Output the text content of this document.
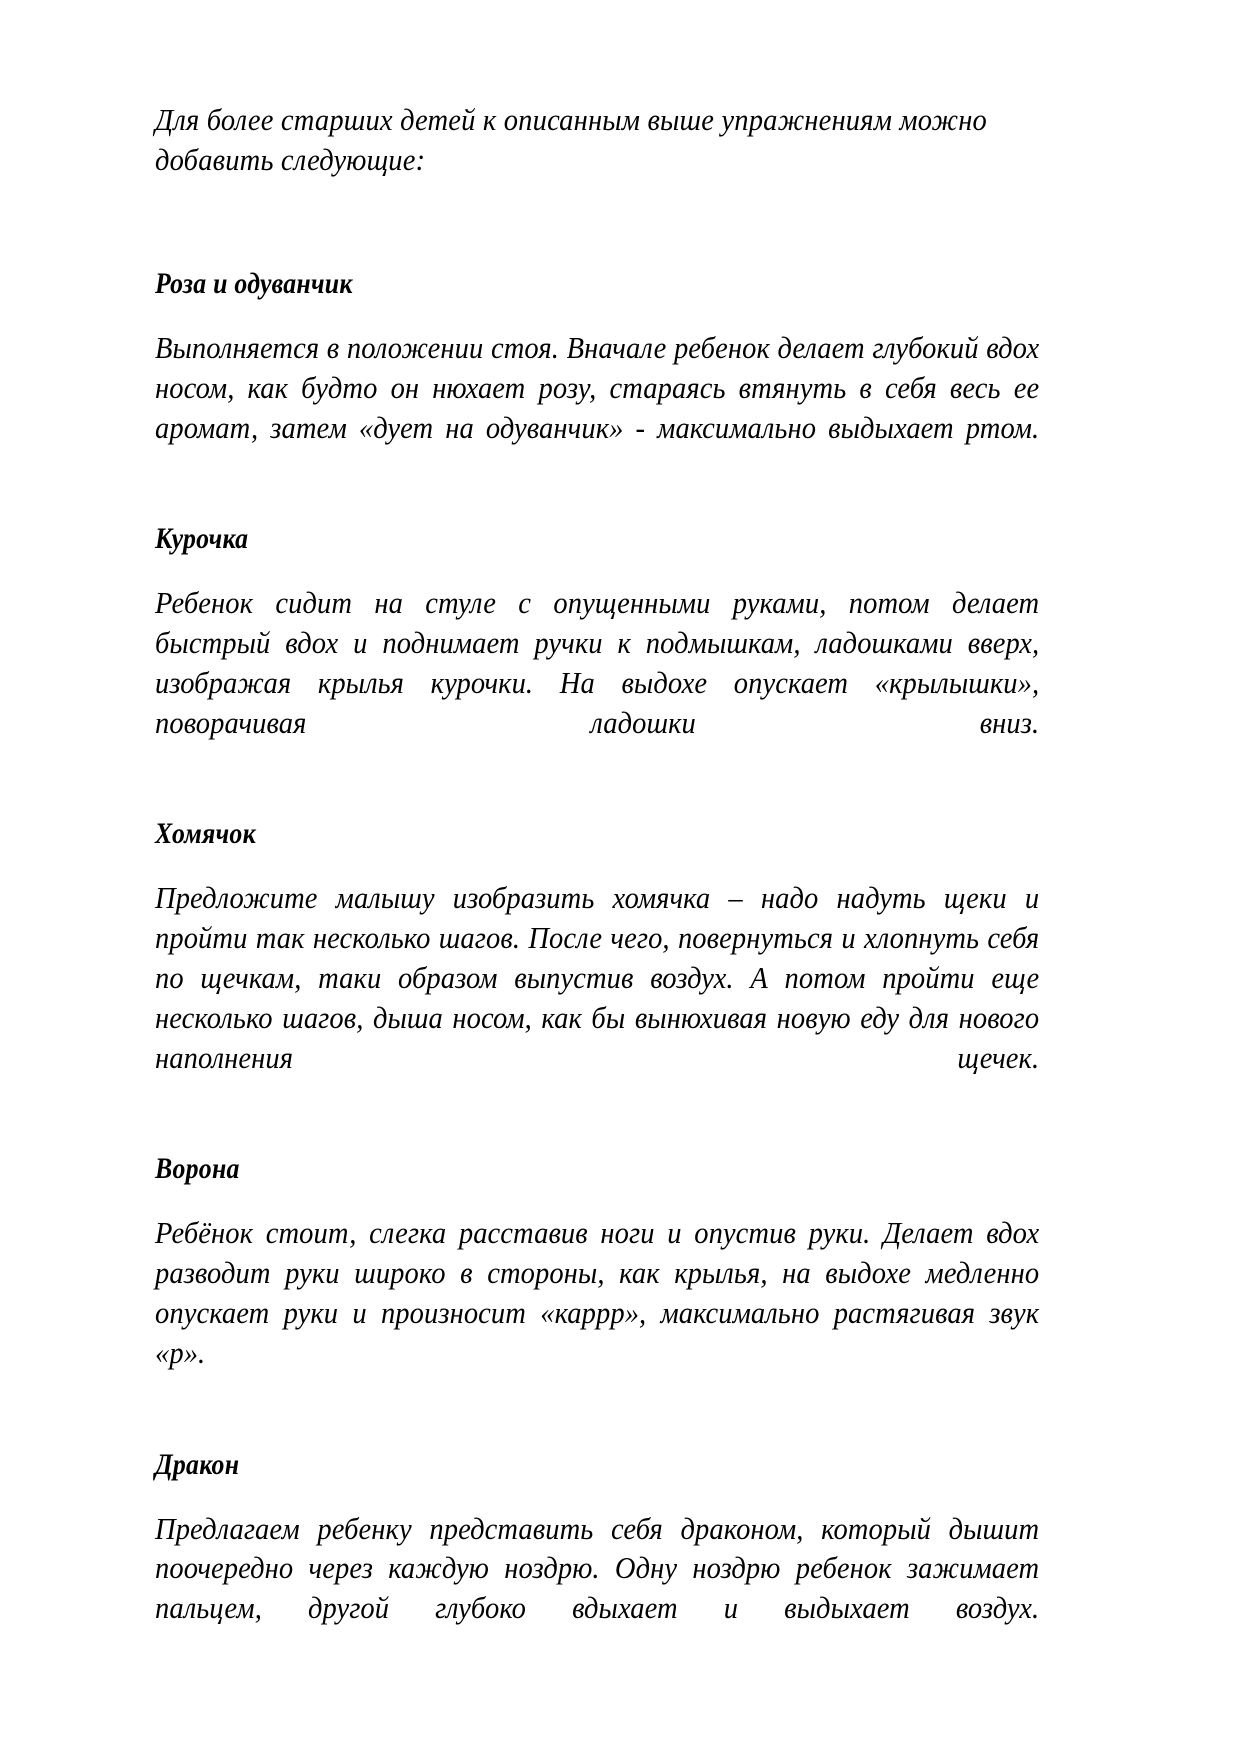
Для более старших детей к описанным выше упражнениям можно добавить следующие:

Роза и одуванчик

Выполняется в положении стоя. Вначале ребенок делает глубокий вдох носом, как будто он нюхает розу, стараясь втянуть в себя весь ее аромат, затем «дует на одуванчик» - максимально выдыхает ртом.

Курочка

Ребенок сидит на стуле с опущенными руками, потом делает быстрый вдох и поднимает ручки к подмышкам, ладошками вверх, изображая крылья курочки. На выдохе опускает «крылышки», поворачивая ладошки вниз.

Хомячок

Предложите малышу изобразить хомячка – надо надуть щеки и пройти так несколько шагов. После чего, повернуться и хлопнуть себя по щечкам, таки образом выпустив воздух. А потом пройти еще несколько шагов, дыша носом, как бы вынюхивая новую еду для нового наполнения щечек.

Ворона

Ребёнок стоит, слегка расставив ноги и опустив руки. Делает вдох разводит руки широко в стороны, как крылья, на выдохе медленно опускает руки и произносит «каррр», максимально растягивая звук «р».

Дракон

Предлагаем ребенку представить себя драконом, который дышит поочередно через каждую ноздрю. Одну ноздрю ребенок зажимает пальцем, другой глубоко вдыхает и выдыхает воздух.
